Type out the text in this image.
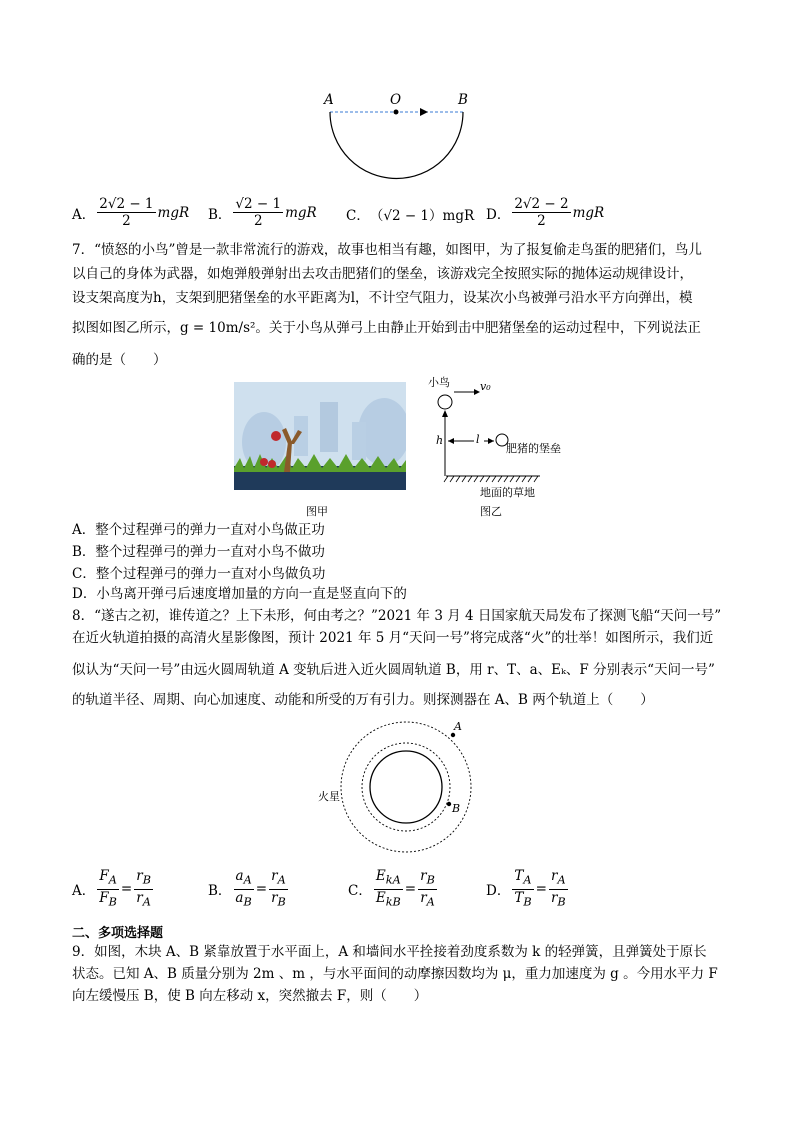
A	O	B
A． $\frac{2√2 - 1}{2}$ mgR B． $\frac{√2 - 1}{2}$ mgR C． （√2 − 1）mgR D． $\frac{2√2 - 2}{2}$ mgR
7．“愤怒的小鸟”曾是一款非常流行的游戏，故事也相当有趣，如图甲，为了报复偷走鸟蛋的肥猪们，鸟儿
以自己的身体为武器，如炮弹般弹射出去攻击肥猪们的堡垒，该游戏完全按照实际的抛体运动规律设计，
设支架高度为h，支架到肥猪堡垒的水平距离为l，不计空气阻力，设某次小鸟被弹弓沿水平方向弹出，模
拟图如图乙所示，g = 10m/s²。关于小鸟从弹弓上由静止开始到击中肥猪堡垒的运动过程中，下列说法正
确的是（　　）
图甲
小鸟	v₀
h	l
肥猪的堡垒
地面的草地
图乙
A．整个过程弹弓的弹力一直对小鸟做正功
B．整个过程弹弓的弹力一直对小鸟不做功
C．整个过程弹弓的弹力一直对小鸟做负功
D．小鸟离开弹弓后速度增加量的方向一直是竖直向下的
8．“遂古之初，谁传道之？上下未形，何由考之？”2021 年 3 月 4 日国家航天局发布了探测飞船“天问一号”
在近火轨道拍摄的高清火星影像图，预计 2021 年 5 月“天问一号”将完成落“火”的壮举！如图所示，我们近
似认为“天问一号”由远火圆周轨道 A 变轨后进入近火圆周轨道 B，用 r、T、a、Eₖ、F 分别表示“天问一号”
的轨道半径、周期、向心加速度、动能和所受的万有引力。则探测器在 A、B 两个轨道上（　　）
A
B
火星
A． $\frac{F_A}{F_B} = \frac{r_B}{r_A}$	B． $\frac{a_A}{a_B} = \frac{r_A}{r_B}$	C． $\frac{E_{kA}}{E_{kB}} = \frac{r_B}{r_A}$	D． $\frac{T_A}{T_B} = \frac{r_A}{r_B}$
二、多项选择题
9．如图，木块 A、B 紧靠放置于水平面上，A 和墙间水平拴接着劲度系数为 k 的轻弹簧，且弹簧处于原长
状态。已知 A、B 质量分别为 2m 、m ，与水平面间的动摩擦因数均为 μ，重力加速度为 g 。今用水平力 F
向左缓慢压 B，使 B 向左移动 x，突然撤去 F，则（　　）
